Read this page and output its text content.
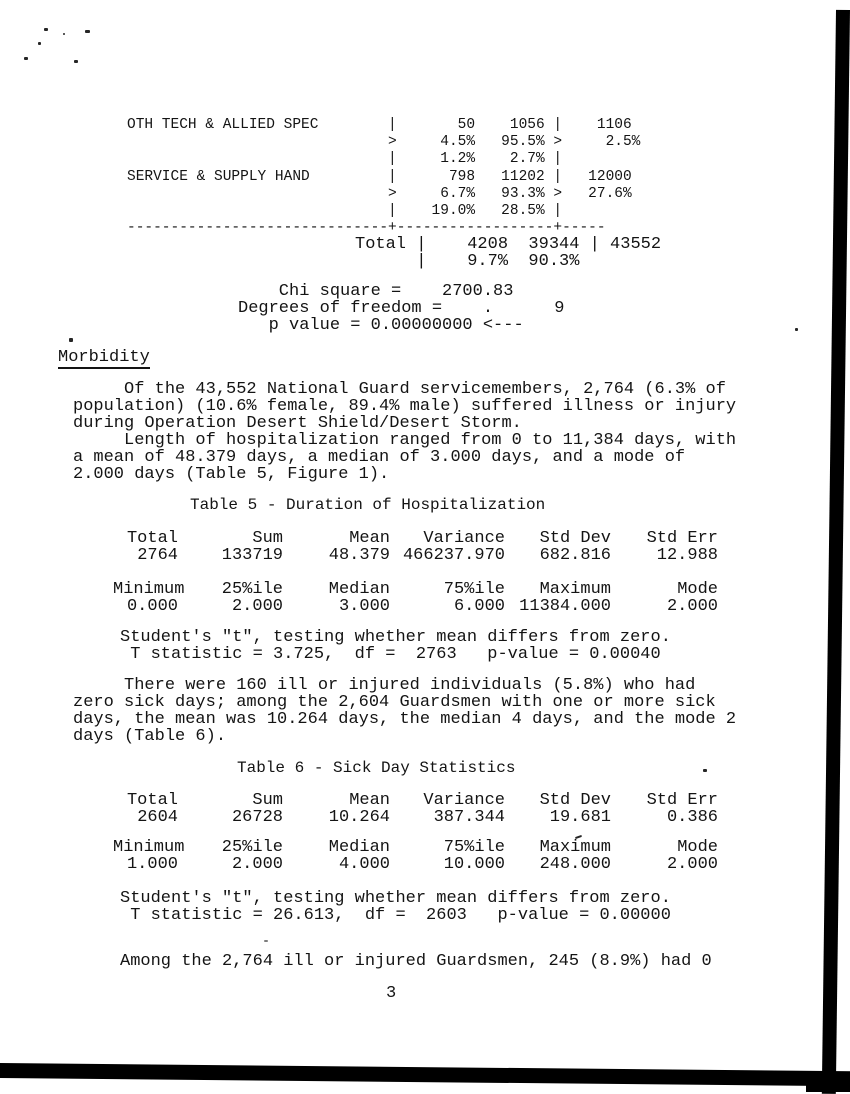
OTH TECH & ALLIED SPEC        |       50    1056 |    1106
>     4.5%   95.5% >     2.5%
|     1.2%    2.7% |
SERVICE & SUPPLY HAND         |      798   11202 |   12000
>     6.7%   93.3% >   27.6%
|    19.0%   28.5% |
------------------------------+------------------+-----
Total |    4208  39344 | 43552
|    9.7%  90.3%
Chi square =    2700.83
Degrees of freedom =    .      9
p value = 0.00000000 <---
Morbidity
Of the 43,552 National Guard servicemembers, 2,764 (6.3% of
population) (10.6% female, 89.4% male) suffered illness or injury
during Operation Desert Shield/Desert Storm.
Length of hospitalization ranged from 0 to 11,384 days, with
a mean of 48.379 days, a median of 3.000 days, and a mode of
2.000 days (Table 5, Figure 1).
Table 5 - Duration of Hospitalization
Total	Sum	Mean	Variance	Std Dev	Std Err
2764	133719	48.379 466237.970	682.816	12.988
Minimum	25%ile	Median	75%ile	Maximum	Mode
0.000	2.000	3.000	6.000 11384.000	2.000
Student's "t", testing whether mean differs from zero.
T statistic = 3.725,  df =  2763   p-value = 0.00040
There were 160 ill or injured individuals (5.8%) who had
zero sick days; among the 2,604 Guardsmen with one or more sick
days, the mean was 10.264 days, the median 4 days, and the mode 2
days (Table 6).
Table 6 - Sick Day Statistics
Total	Sum	Mean	Variance	Std Dev	Std Err
2604	26728	10.264	387.344	19.681	0.386
Minimum	25%ile	Median	75%ile	Maximum	Mode
1.000	2.000	4.000	10.000	248.000	2.000
Student's "t", testing whether mean differs from zero.
T statistic = 26.613,  df =  2603   p-value = 0.00000
Among the 2,764 ill or injured Guardsmen, 245 (8.9%) had 0
3
